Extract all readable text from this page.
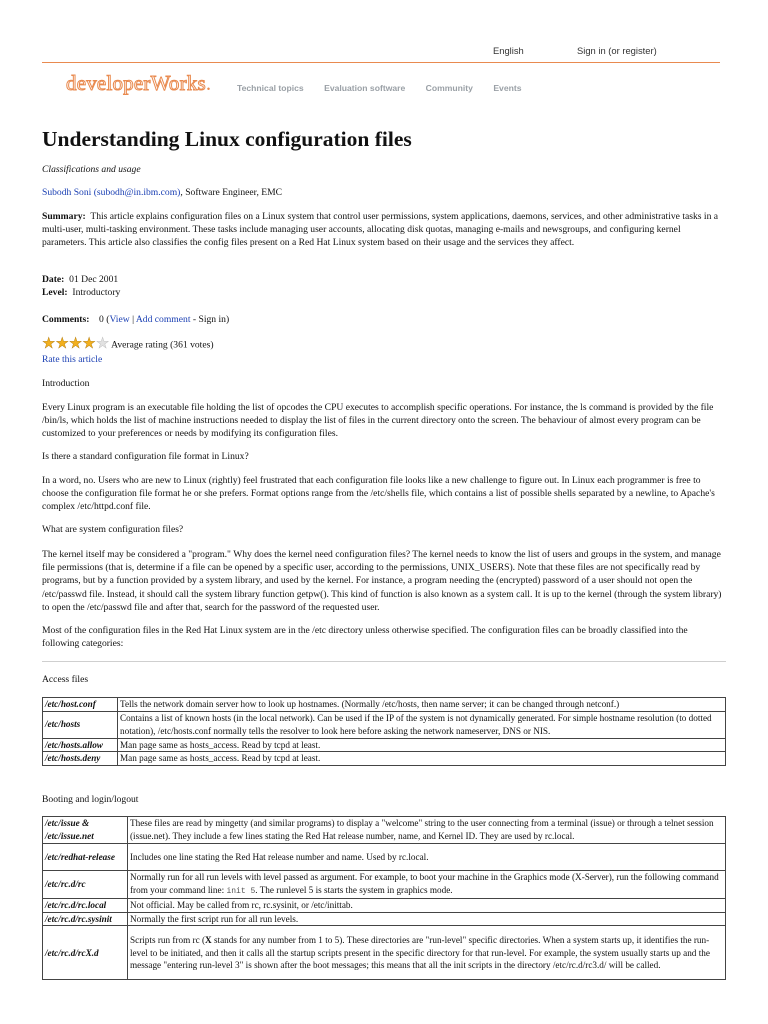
English	Sign in (or register)
developerWorks.	Technical topics Evaluation software Community Events
Understanding Linux configuration files
Classifications and usage
Subodh Soni (subodh@in.ibm.com), Software Engineer, EMC
Summary: This article explains configuration files on a Linux system that control user permissions, system applications, daemons, services, and other administrative tasks in a multi-user, multi-tasking environment. These tasks include managing user accounts, allocating disk quotas, managing e-mails and newsgroups, and configuring kernel parameters. This article also classifies the config files present on a Red Hat Linux system based on their usage and the services they affect.
Date: 01 Dec 2001
Level: Introductory
Comments: 0 (View | Add comment - Sign in)
★★★★★ Average rating (361 votes)
Rate this article
Introduction
Every Linux program is an executable file holding the list of opcodes the CPU executes to accomplish specific operations. For instance, the ls command is provided by the file /bin/ls, which holds the list of machine instructions needed to display the list of files in the current directory onto the screen. The behaviour of almost every program can be customized to your preferences or needs by modifying its configuration files.
Is there a standard configuration file format in Linux?
In a word, no. Users who are new to Linux (rightly) feel frustrated that each configuration file looks like a new challenge to figure out. In Linux each programmer is free to choose the configuration file format he or she prefers. Format options range from the /etc/shells file, which contains a list of possible shells separated by a newline, to Apache's complex /etc/httpd.conf file.
What are system configuration files?
The kernel itself may be considered a "program." Why does the kernel need configuration files? The kernel needs to know the list of users and groups in the system, and manage file permissions (that is, determine if a file can be opened by a specific user, according to the permissions, UNIX_USERS). Note that these files are not specifically read by programs, but by a function provided by a system library, and used by the kernel. For instance, a program needing the (encrypted) password of a user should not open the /etc/passwd file. Instead, it should call the system library function getpw(). This kind of function is also known as a system call. It is up to the kernel (through the system library) to open the /etc/passwd file and after that, search for the password of the requested user.
Most of the configuration files in the Red Hat Linux system are in the /etc directory unless otherwise specified. The configuration files can be broadly classified into the following categories:
Access files
/etc/host.conf	Tells the network domain server how to look up hostnames. (Normally /etc/hosts, then name server; it can be changed through netconf.)
/etc/hosts	Contains a list of known hosts (in the local network). Can be used if the IP of the system is not dynamically generated. For simple hostname resolution (to dotted notation), /etc/hosts.conf normally tells the resolver to look here before asking the network nameserver, DNS or NIS.
/etc/hosts.allow	Man page same as hosts_access. Read by tcpd at least.
/etc/hosts.deny	Man page same as hosts_access. Read by tcpd at least.
Booting and login/logout
/etc/issue & /etc/issue.net	These files are read by mingetty (and similar programs) to display a "welcome" string to the user connecting from a terminal (issue) or through a telnet session (issue.net). They include a few lines stating the Red Hat release number, name, and Kernel ID. They are used by rc.local.
/etc/redhat-release	Includes one line stating the Red Hat release number and name. Used by rc.local.
/etc/rc.d/rc	Normally run for all run levels with level passed as argument. For example, to boot your machine in the Graphics mode (X-Server), run the following command from your command line: init 5. The runlevel 5 is starts the system in graphics mode.
/etc/rc.d/rc.local	Not official. May be called from rc, rc.sysinit, or /etc/inittab.
/etc/rc.d/rc.sysinit	Normally the first script run for all run levels.
/etc/rc.d/rcX.d	Scripts run from rc (X stands for any number from 1 to 5). These directories are "run-level" specific directories. When a system starts up, it identifies the run-level to be initiated, and then it calls all the startup scripts present in the specific directory for that run-level. For example, the system usually starts up and the message "entering run-level 3" is shown after the boot messages; this means that all the init scripts in the directory /etc/rc.d/rc3.d/ will be called.
